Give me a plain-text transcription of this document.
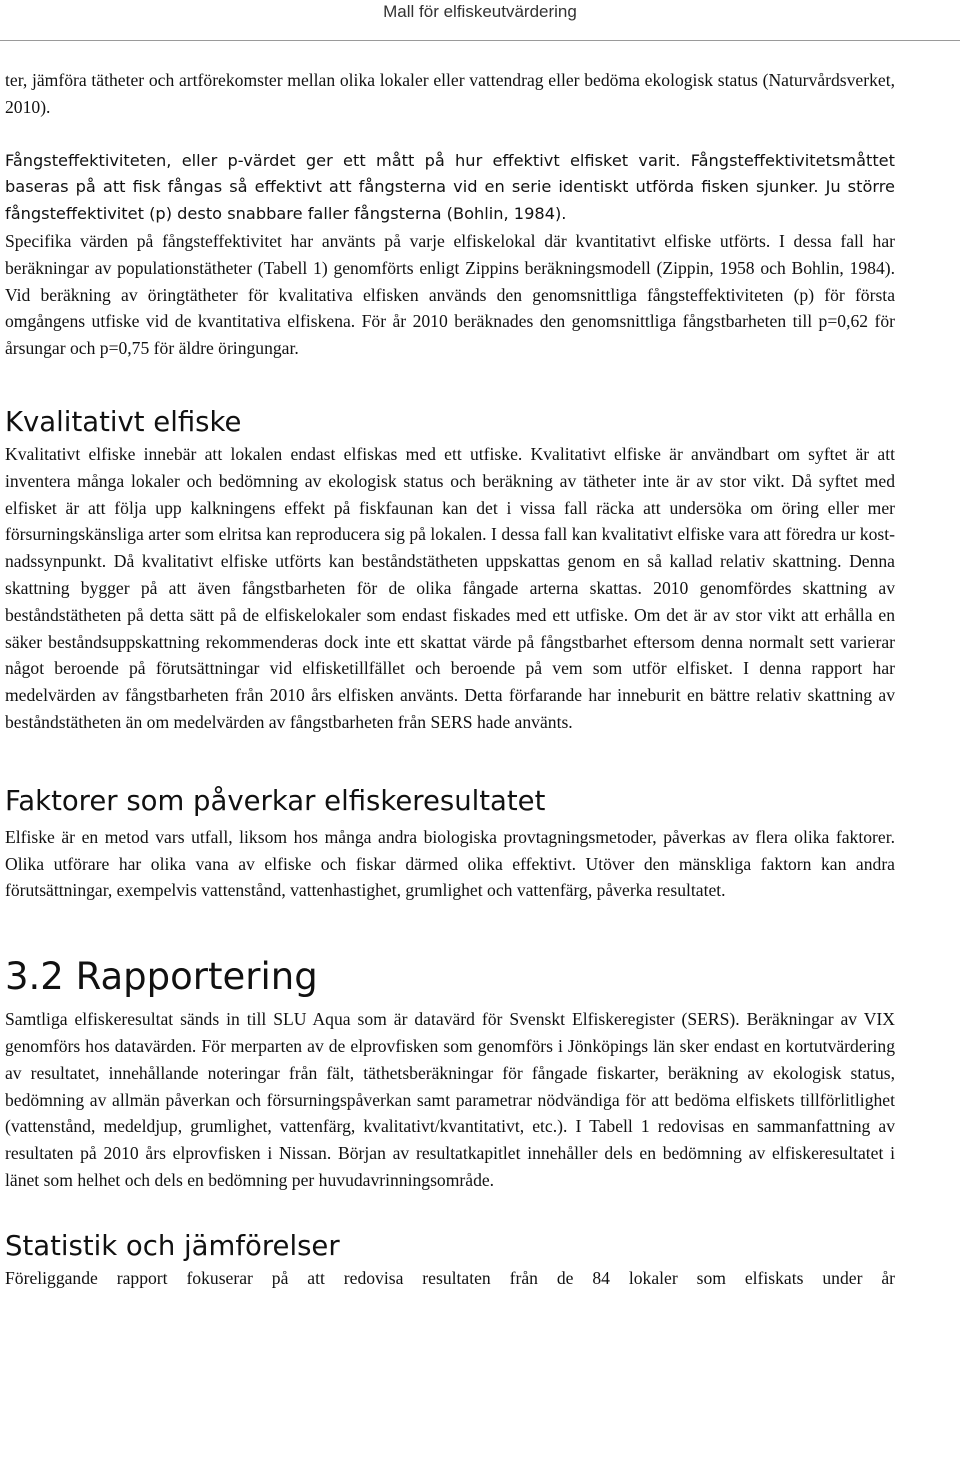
Mall för elfiskeutvärdering

ter, jämföra tätheter och artförekomster mellan olika lokaler eller vattendrag eller bedöma ekologisk status (Naturvårdsverket, 2010).

Fångsteffektiviteten, eller p-värdet ger ett mått på hur effektivt elfisket varit. Fångsteffektivitetsmåttet baseras på att fisk fångas så effektivt att fångsterna vid en serie identiskt utförda fisken sjunker. Ju större fångsteffektivitet (p) desto snabbare faller fångsterna (Bohlin, 1984).

Specifika värden på fångsteffektivitet har använts på varje elfiskelokal där kvantitativt elfiske utförts. I dessa fall har beräkningar av populationstätheter (Tabell 1) genomförts enligt Zippins beräkningsmodell (Zippin, 1958 och Bohlin, 1984). Vid beräkning av öringtätheter för kvalitativa elfisken används den genomsnittliga fångsteffektiviteten (p) för första omgångens utfiske vid de kvantitativa elfiskena. För år 2010 beräknades den genomsnittliga fångstbarheten till p=0,62 för årsungar och p=0,75 för äldre öringungar.

Kvalitativt elfiske

Kvalitativt elfiske innebär att lokalen endast elfiskas med ett utfiske. Kvalitativt elfiske är användbart om syftet är att inventera många lokaler och bedömning av ekologisk status och beräkning av tätheter inte är av stor vikt. Då syftet med elfisket är att följa upp kalkningens effekt på fiskfaunan kan det i vissa fall räcka att undersöka om öring eller mer försurningskänsliga arter som elritsa kan reproducera sig på lokalen. I dessa fall kan kvalitativt elfiske vara att föredra ur kostnadssynpunkt. Då kvalitativt elfiske utförts kan beståndstätheten uppskattas genom en så kallad relativ skattning. Denna skattning bygger på att även fångstbarheten för de olika fångade arterna skattas. 2010 genomfördes skattning av beståndstätheten på detta sätt på de elfiskelokaler som endast fiskades med ett utfiske. Om det är av stor vikt att erhålla en säker beståndsuppskattning rekommenderas dock inte ett skattat värde på fångstbarhet eftersom denna normalt sett varierar något beroende på förutsättningar vid elfisketillfället och beroende på vem som utför elfisket. I denna rapport har medelvärden av fångstbarheten från 2010 års elfisken använts. Detta förfarande har inneburit en bättre relativ skattning av beståndstätheten än om medelvärden av fångstbarheten från SERS hade använts.

Faktorer som påverkar elfiskeresultatet

Elfiske är en metod vars utfall, liksom hos många andra biologiska provtagningsmetoder, påverkas av flera olika faktorer. Olika utförare har olika vana av elfiske och fiskar därmed olika effektivt. Utöver den mänskliga faktorn kan andra förutsättningar, exempelvis vattenstånd, vattenhastighet, grumlighet och vattenfärg, påverka resultatet.

3.2 Rapportering

Samtliga elfiskeresultat sänds in till SLU Aqua som är datavärd för Svenskt Elfiskeregister (SERS). Beräkningar av VIX genomförs hos datavärden. För merparten av de elprovfisken som genomförs i Jönköpings län sker endast en kortutvärdering av resultatet, innehållande noteringar från fält, täthetsberäkningar för fångade fiskarter, beräkning av ekologisk status, bedömning av allmän påverkan och försurningspåverkan samt parametrar nödvändiga för att bedöma elfiskets tillförlitlighet (vattenstånd, medeldjup, grumlighet, vattenfärg, kvalitativt/kvantitativt, etc.). I Tabell 1 redovisas en sammanfattning av resultaten på 2010 års elprovfisken i Nissan. Början av resultatkapitlet innehåller dels en bedömning av elfiskeresultatet i länet som helhet och dels en bedömning per huvudavrinningsområde.

Statistik och jämförelser

Föreliggande rapport fokuserar på att redovisa resultaten från de 84 lokaler som elfiskats under år
